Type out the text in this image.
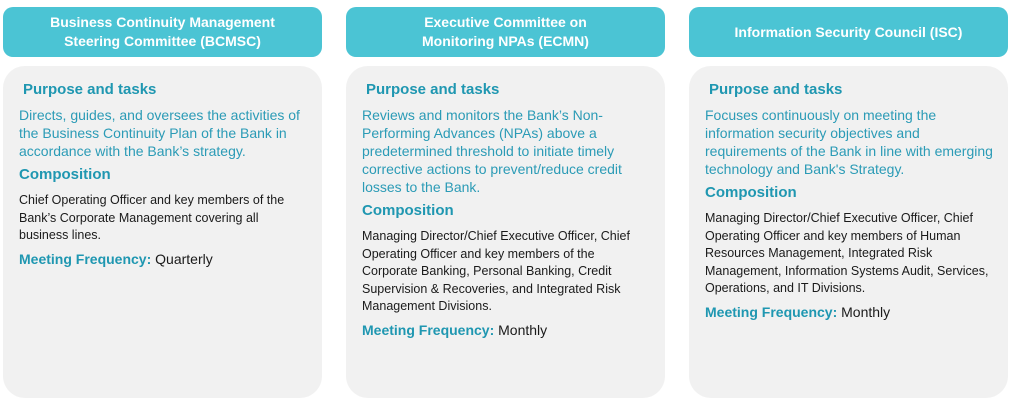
Business Continuity Management
Steering Committee (BCMSC)
Purpose and tasks
Directs, guides, and oversees the activities of the Business Continuity Plan of the Bank in accordance with the Bank’s strategy.
Composition
Chief Operating Officer and key members of the Bank’s Corporate Management covering all business lines.
Meeting Frequency: Quarterly
Executive Committee on
Monitoring NPAs (ECMN)
Purpose and tasks
Reviews and monitors the Bank’s Non-Performing Advances (NPAs) above a predetermined threshold to initiate timely corrective actions to prevent/reduce credit losses to the Bank.
Composition
Managing Director/Chief Executive Officer, Chief Operating Officer and key members of the Corporate Banking, Personal Banking, Credit Supervision & Recoveries, and Integrated Risk Management Divisions.
Meeting Frequency: Monthly
Information Security Council (ISC)
Purpose and tasks
Focuses continuously on meeting the information security objectives and requirements of the Bank in line with emerging technology and Bank's Strategy.
Composition
Managing Director/Chief Executive Officer, Chief Operating Officer and key members of Human Resources Management, Integrated Risk Management, Information Systems Audit, Services, Operations, and IT Divisions.
Meeting Frequency: Monthly
